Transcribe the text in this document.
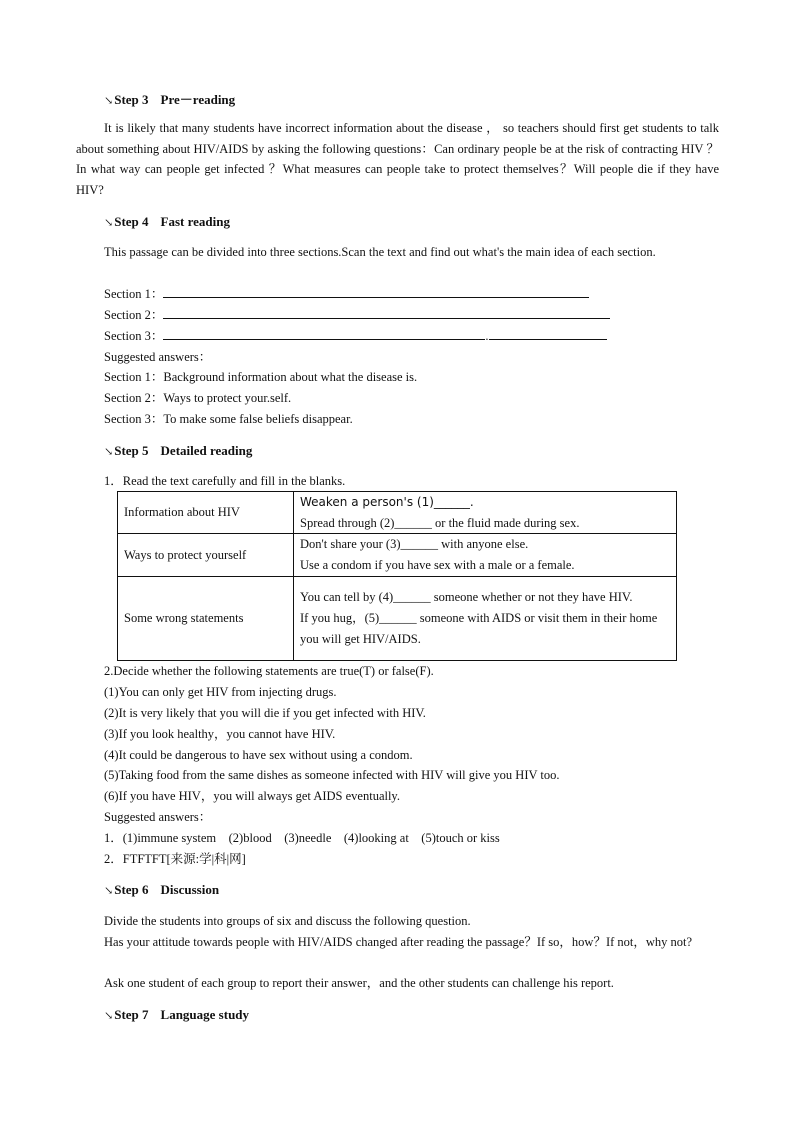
↘Step 3 Pre－reading
It is likely that many students have incorrect information about the disease ， so teachers should first get students to talk about something about HIV/AIDS by asking the following questions：Can ordinary people be at the risk of contracting HIV ？In what way can people get infected ？What measures can people take to protect themselves？Will people die if they have HIV?
↘Step 4 Fast reading
This passage can be divided into three sections.Scan the text and find out what's the main idea of each section.
Section 1：
Section 2：
Section 3：	.
Suggested answers：
Section 1：Background information about what the disease is.
Section 2：Ways to protect your.self.
Section 3：To make some false beliefs disappear.
↘Step 5 Detailed reading
1．Read the text carefully and fill in the blanks.
Information about HIV	Weaken a person's (1)______.
Spread through (2)______ or the fluid made during sex.

Ways to protect yourself	Don't share your (3)______ with anyone else.
Use a condom if you have sex with a male or a female.

Some wrong statements	You can tell by (4)______ someone whether or not they have HIV.
If you hug，(5)______ someone with AIDS or visit them in their home you will get HIV/AIDS.
2.Decide whether the following statements are true(T) or false(F).
(1)You can only get HIV from injecting drugs.
(2)It is very likely that you will die if you get infected with HIV.
(3)If you look healthy，you cannot have HIV.
(4)It could be dangerous to have sex without using a condom.
(5)Taking food from the same dishes as someone infected with HIV will give you HIV too.
(6)If you have HIV，you will always get AIDS eventually.
Suggested answers：
1．(1)immune system　(2)blood　(3)needle　(4)looking at　(5)touch or kiss
2．FTFTFT[来源:学|科|网]
↘Step 6 Discussion
Divide the students into groups of six and discuss the following question.
Has your attitude towards people with HIV/AIDS changed after reading the passage？If so，how？If not，why not?
Ask one student of each group to report their answer，and the other students can challenge his report.
↘Step 7 Language study
